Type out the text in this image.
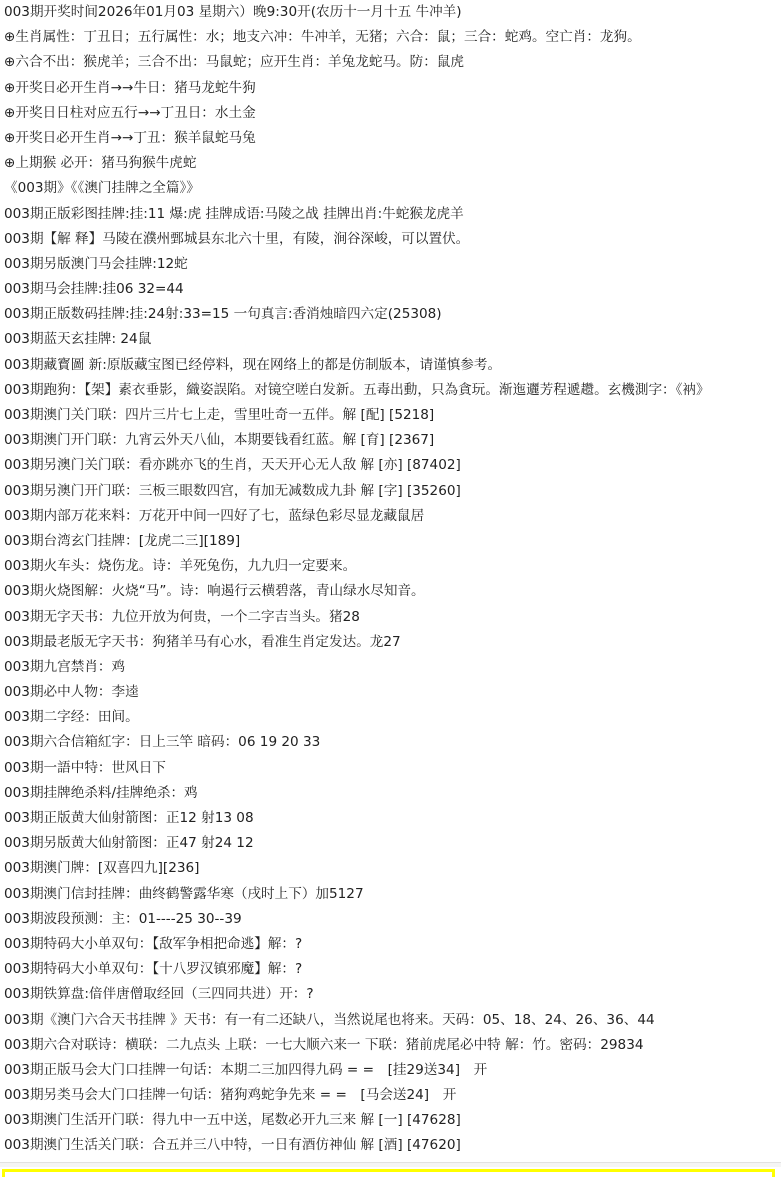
003期开奖时间2026年01月03 星期六）晚9:30开(农历十一月十五 牛冲羊)
⊕生肖属性：丁丑日；五行属性：水；地支六冲：牛冲羊，无猪；六合：鼠；三合：蛇鸡。空亡肖：龙狗。
⊕六合不出：猴虎羊；三合不出：马鼠蛇；应开生肖：羊兔龙蛇马。防：鼠虎
⊕开奖日必开生肖→→牛日：猪马龙蛇牛狗
⊕开奖日日柱对应五行→→丁丑日：水土金
⊕开奖日必开生肖→→丁丑：猴羊鼠蛇马兔
⊕上期猴 必开：猪马狗猴牛虎蛇
《003期》《《澳门挂牌之全篇》》
003期正版彩图挂牌:挂:11 爆:虎 挂牌成语:马陵之战 挂牌出肖:牛蛇猴龙虎羊
003期【解 释】马陵在濮州鄄城县东北六十里，有陵，涧谷深峻，可以置伏。
003期另版澳门马会挂牌:12蛇
003期马会挂牌:挂06 32=44
003期正版数码挂牌:挂:24射:33=15 一句真言:香消烛暗四六定(25308)
003期蓝天玄挂牌: 24鼠
003期藏寳圖 新:原版藏宝图已经停料，现在网络上的都是仿制版本，请谨慎参考。
003期跑狗：【架】素衣垂影，織姿誤陷。对镜空嗟白发新。五毒出動，只為貪玩。渐迤邐芳程遞趱。玄機測字：《衲》
003期澳门关门联：四片三片七上走，雪里吐奇一五伴。解 [配] [5218]
003期澳门开门联：九宵云外天八仙，本期要钱看红蓝。解 [育] [2367]
003期另澳门关门联：看亦跳亦飞的生肖，天天开心无人敌 解 [亦] [87402]
003期另澳门开门联：三板三眼数四宫，有加无减数成九卦 解 [字] [35260]
003期内部万花来料：万花开中间一四好了七，蓝绿色彩尽显龙藏鼠居
003期台湾玄门挂牌：[龙虎二三][189]
003期火车头：烧伤龙。诗：羊死兔伤，九九归一定要来。
003期火烧图解：火烧“马”。诗：响遏行云横碧落，青山绿水尽知音。
003期无字天书：九位开放为何贵，一个二字吉当头。猪28
003期最老版无字天书：狗猪羊马有心水，看准生肖定发达。龙27
003期九宫禁肖：鸡
003期必中人物：李逵
003期二字经：田间。
003期六合信箱紅字：日上三竿 暗码：06 19 20 33
003期一語中特：世风日下
003期挂牌绝杀料/挂牌绝杀：鸡
003期正版黄大仙射箭图：正12 射13 08
003期另版黄大仙射箭图：正47 射24 12
003期澳门牌：[双喜四九][236]
003期澳门信封挂牌：曲终鹤警露华寒（戌时上下）加5127
003期波段预测：主：01----25 30--39
003期特码大小单双句：【敌军争相把命逃】解：?
003期特码大小单双句：【十八罗汉镇邪魔】解：?
003期铁算盘:偣伴唐僧取经回（三四同共进）开：?
003期《澳门六合天书挂牌 》天书：有一有二还缺八，当然说尾也将来。天码：05、18、24、26、36、44
003期六合对联诗：横联：二九点头 上联：一七大顺六来一 下联：猪前虎尾必中特 解：竹。密码：29834
003期正版马会大门口挂牌一句话：本期二三加四得九码 = =　[挂29送34]　开
003期另类马会大门口挂牌一句话：猪狗鸡蛇争先来 = =　[马会送24]　开
003期澳门生活开门联：得九中一五中送，尾数必开九三来 解 [一] [47628]
003期澳门生活关门联：合五并三八中特，一日有酒仿神仙 解 [酒] [47620]
